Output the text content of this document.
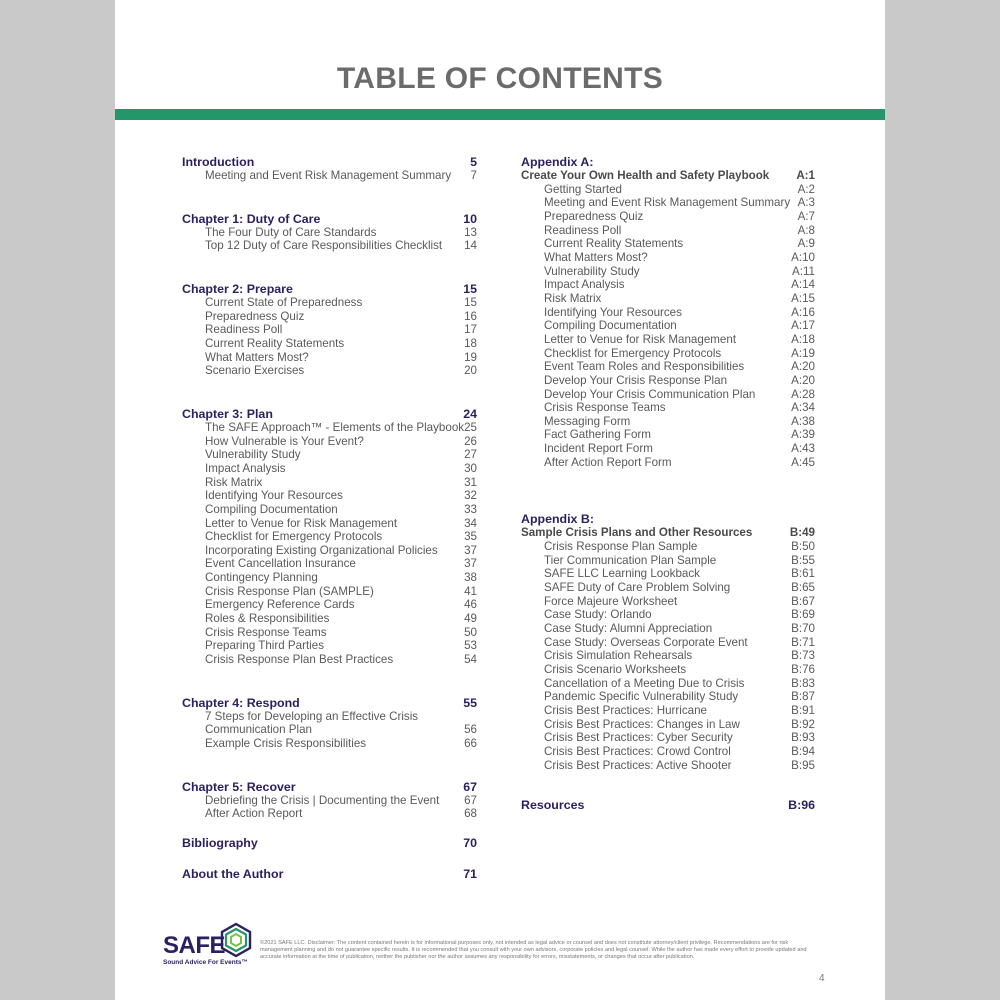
TABLE OF CONTENTS
Introduction	5
Meeting and Event Risk Management Summary 7
Chapter 1: Duty of Care	10
The Four Duty of Care Standards	13
Top 12 Duty of Care Responsibilities Checklist 14
Chapter 2: Prepare	15
Current State of Preparedness	15
Preparedness Quiz	16
Readiness Poll	17
Current Reality Statements	18
What Matters Most?	19
Scenario Exercises	20
Chapter 3: Plan	24
The SAFE Approach™ - Elements of the Playbook 25
How Vulnerable is Your Event?	26
Vulnerability Study	27
Impact Analysis	30
Risk Matrix	31
Identifying Your Resources	32
Compiling Documentation	33
Letter to Venue for Risk Management	34
Checklist for Emergency Protocols	35
Incorporating Existing Organizational Policies 37
Event Cancellation Insurance	37
Contingency Planning	38
Crisis Response Plan (SAMPLE)	41
Emergency Reference Cards	46
Roles & Responsibilities	49
Crisis Response Teams	50
Preparing Third Parties	53
Crisis Response Plan Best Practices	54
Chapter 4: Respond	55
7 Steps for Developing an Effective Crisis
Communication Plan	56
Example Crisis Responsibilities	66
Chapter 5: Recover	67
Debriefing the Crisis | Documenting the Event 67
After Action Report	68
Bibliography	70
About the Author	71
Appendix A:
Create Your Own Health and Safety Playbook A:1
Getting Started	A:2
Meeting and Event Risk Management Summary A:3
Preparedness Quiz	A:7
Readiness Poll	A:8
Current Reality Statements	A:9
What Matters Most?	A:10
Vulnerability Study	A:11
Impact Analysis	A:14
Risk Matrix	A:15
Identifying Your Resources	A:16
Compiling Documentation	A:17
Letter to Venue for Risk Management	A:18
Checklist for Emergency Protocols	A:19
Event Team Roles and Responsibilities	A:20
Develop Your Crisis Response Plan	A:20
Develop Your Crisis Communication Plan	A:28
Crisis Response Teams	A:34
Messaging Form	A:38
Fact Gathering Form	A:39
Incident Report Form	A:43
After Action Report Form	A:45
Appendix B:
Sample Crisis Plans and Other Resources	B:49
Crisis Response Plan Sample	B:50
Tier Communication Plan Sample	B:55
SAFE LLC Learning Lookback	B:61
SAFE Duty of Care Problem Solving	B:65
Force Majeure Worksheet	B:67
Case Study: Orlando	B:69
Case Study: Alumni Appreciation	B:70
Case Study: Overseas Corporate Event	B:71
Crisis Simulation Rehearsals	B:73
Crisis Scenario Worksheets	B:76
Cancellation of a Meeting Due to Crisis	B:83
Pandemic Specific Vulnerability Study	B:87
Crisis Best Practices: Hurricane	B:91
Crisis Best Practices: Changes in Law	B:92
Crisis Best Practices: Cyber Security	B:93
Crisis Best Practices: Crowd Control	B:94
Crisis Best Practices: Active Shooter	B:95
Resources	B:96
SAFE
Sound Advice For Events™
©2021 SAFE LLC. Disclaimer: The content contained herein is for informational purposes only, not intended as legal advice or counsel and does not constitute attorney/client privilege. Recommendations are for risk management planning and do not guarantee specific results. It is recommended that you consult with your own advisors, corporate policies and legal counsel. While the author has made every effort to provide updated and accurate information at the time of publication, neither the publisher nor the author assumes any responsibility for errors, misstatements, or changes that occur after publication.
4
